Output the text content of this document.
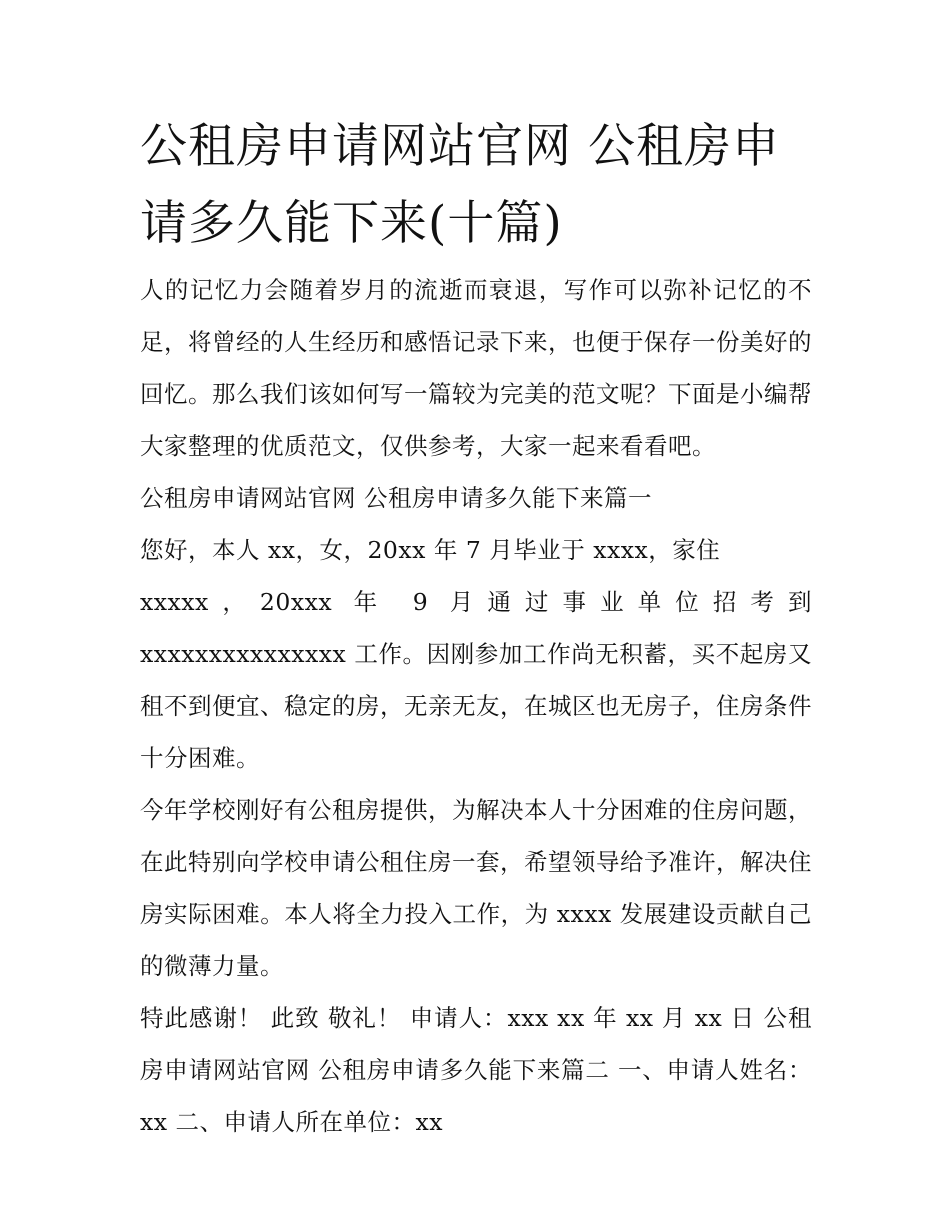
公租房申请网站官网 公租房申
请多久能下来(十篇)

人的记忆力会随着岁月的流逝而衰退，写作可以弥补记忆的不足，将曾经的人生经历和感悟记录下来，也便于保存一份美好的回忆。那么我们该如何写一篇较为完美的范文呢？下面是小编帮大家整理的优质范文，仅供参考，大家一起来看看吧。

公租房申请网站官网 公租房申请多久能下来篇一

您好，本人 xx，女，20xx 年 7 月毕业于 xxxx，家住

xxxxx，20xxx 年 9 月通过事业单位招考到 xxxxxxxxxxxxxxx 工作。因刚参加工作尚无积蓄，买不起房又租不到便宜、稳定的房，无亲无友，在城区也无房子，住房条件十分困难。

今年学校刚好有公租房提供，为解决本人十分困难的住房问题，在此特别向学校申请公租住房一套，希望领导给予准许，解决住房实际困难。本人将全力投入工作，为 xxxx 发展建设贡献自己的微薄力量。

特此感谢！ 此致 敬礼！ 申请人：xxx xx 年 xx 月 xx 日 公租房申请网站官网 公租房申请多久能下来篇二 一、申请人姓名：xx 二、申请人所在单位：xx
